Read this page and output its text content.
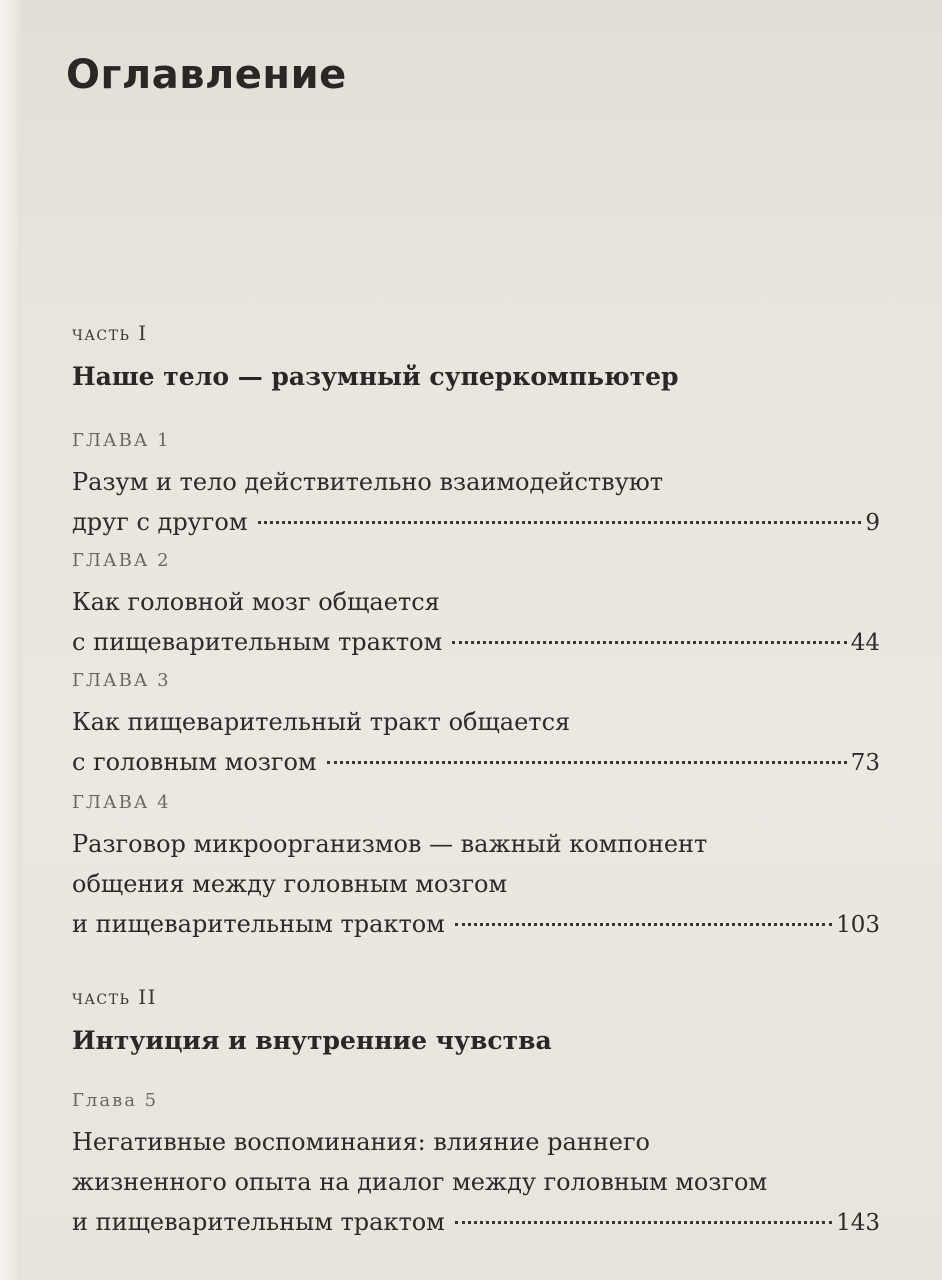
Оглавление
часть I
Наше тело — разумный суперкомпьютер
ГЛАВА 1
Разум и тело действительно взаимодействуют
друг с другом	9
ГЛАВА 2
Как головной мозг общается
с пищеварительным трактом	44
ГЛАВА 3
Как пищеварительный тракт общается
с головным мозгом	73
ГЛАВА 4
Разговор микроорганизмов — важный компонент
общения между головным мозгом
и пищеварительным трактом	103
часть II
Интуиция и внутренние чувства
Глава 5
Негативные воспоминания: влияние раннего
жизненного опыта на диалог между головным мозгом
и пищеварительным трактом	143
